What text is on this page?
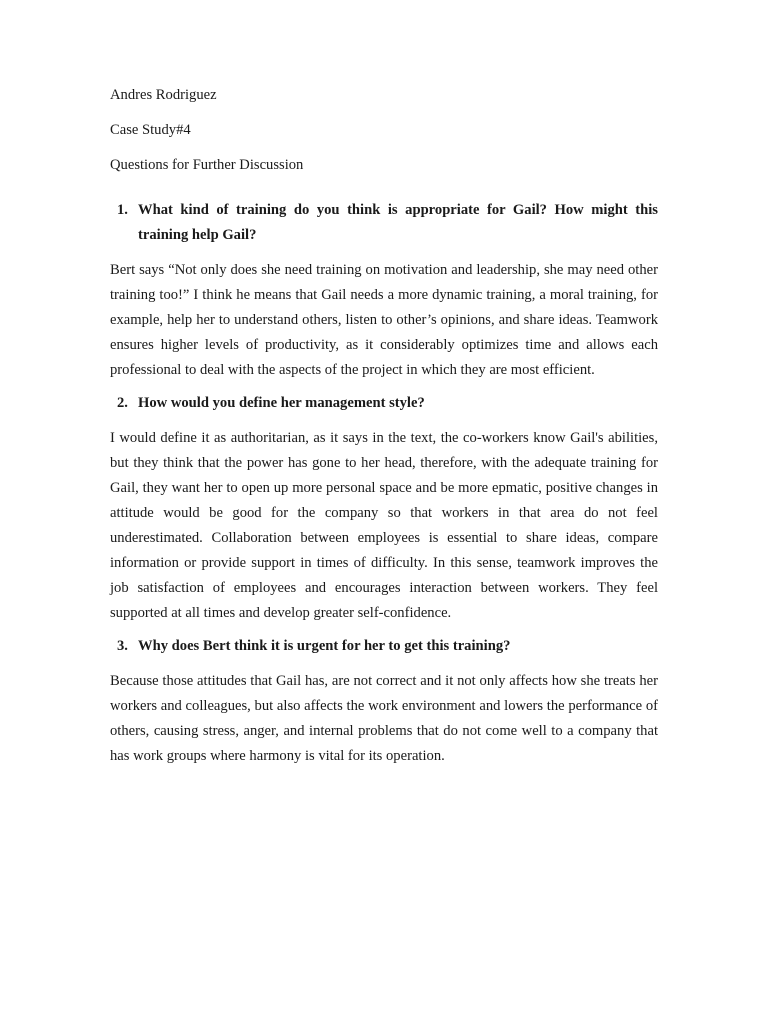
Andres Rodriguez

Case Study#4

Questions for Further Discussion

1. What kind of training do you think is appropriate for Gail? How might this training help Gail?

Bert says “Not only does she need training on motivation and leadership, she may need other training too!” I think he means that Gail needs a more dynamic training, a moral training, for example, help her to understand others, listen to other’s opinions, and share ideas. Teamwork ensures higher levels of productivity, as it considerably optimizes time and allows each professional to deal with the aspects of the project in which they are most efficient.

2. How would you define her management style?

I would define it as authoritarian, as it says in the text, the co-workers know Gail's abilities, but they think that the power has gone to her head, therefore, with the adequate training for Gail, they want her to open up more personal space and be more epmatic, positive changes in attitude would be good for the company so that workers in that area do not feel underestimated. Collaboration between employees is essential to share ideas, compare information or provide support in times of difficulty. In this sense, teamwork improves the job satisfaction of employees and encourages interaction between workers. They feel supported at all times and develop greater self-confidence.

3. Why does Bert think it is urgent for her to get this training?

Because those attitudes that Gail has, are not correct and it not only affects how she treats her workers and colleagues, but also affects the work environment and lowers the performance of others, causing stress, anger, and internal problems that do not come well to a company that has work groups where harmony is vital for its operation.
